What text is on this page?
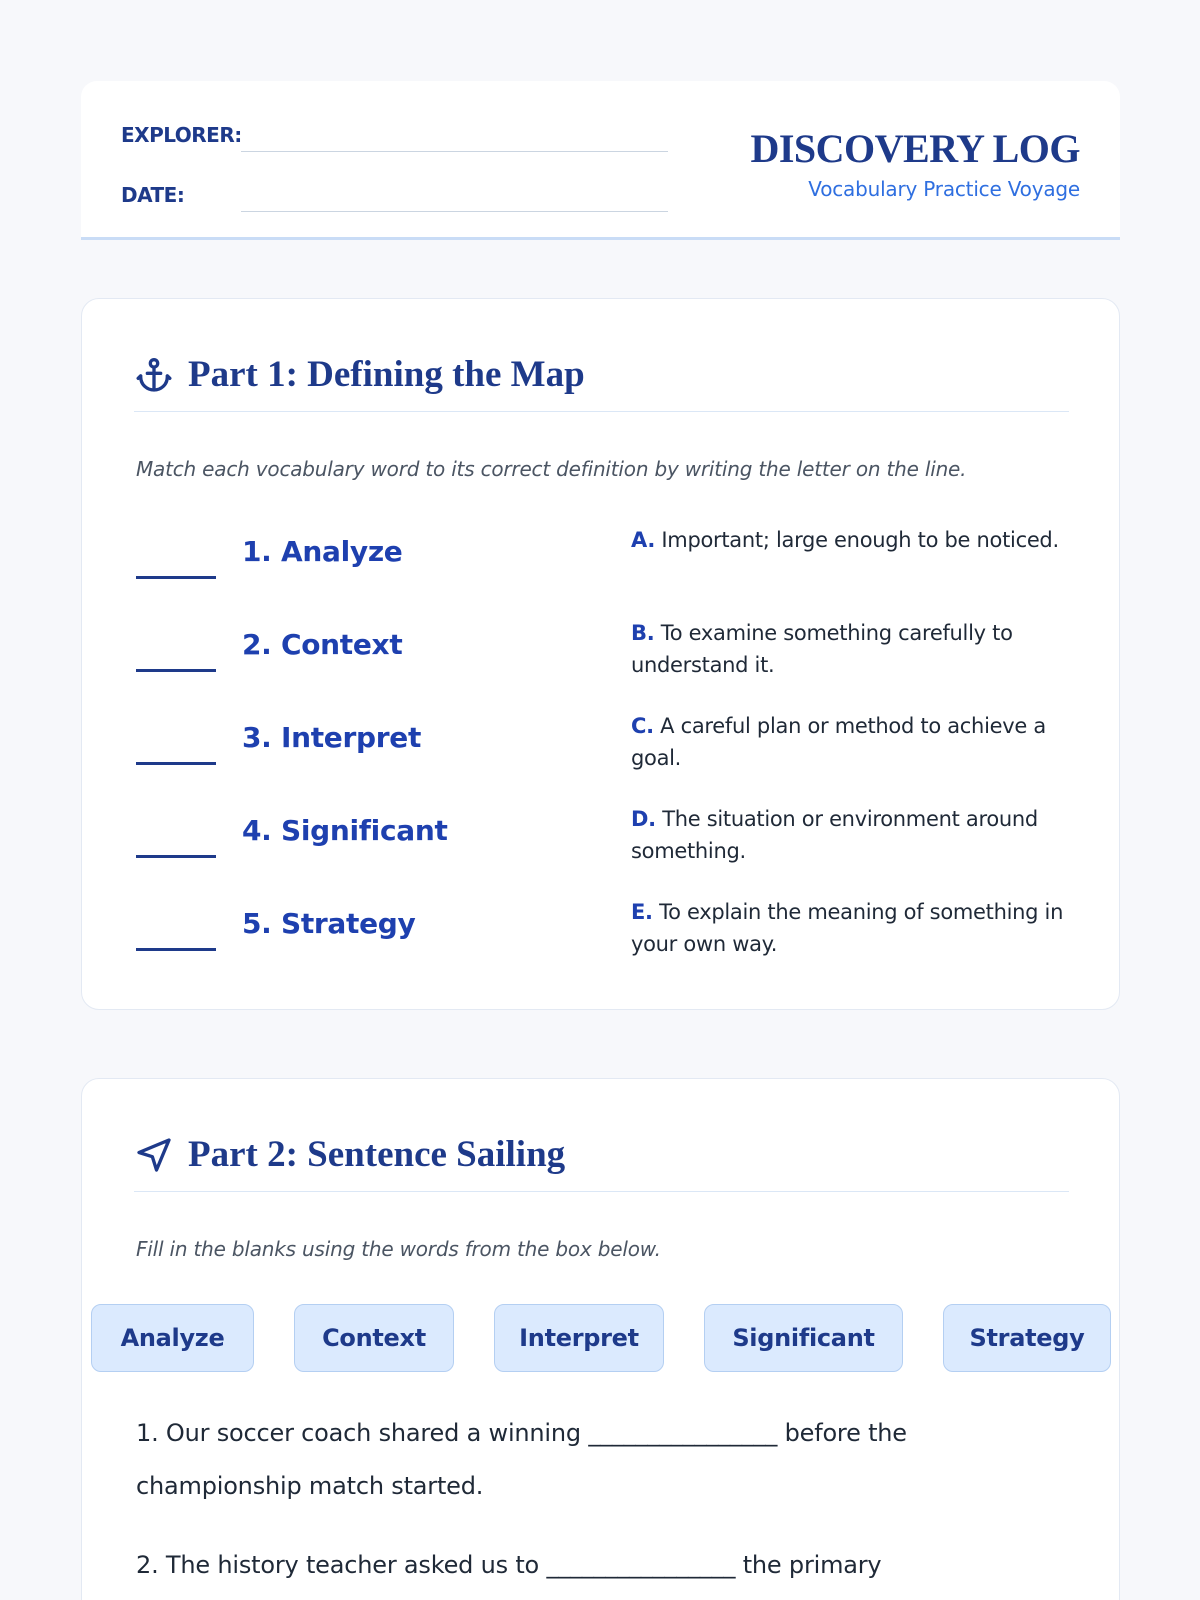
EXPLORER:
DATE:
DISCOVERY LOG
Vocabulary Practice Voyage
Part 1: Defining the Map
Match each vocabulary word to its correct definition by writing the letter on the line.
1. Analyze	A. Important; large enough to be noticed.
2. Context	B. To examine something carefully to understand it.
3. Interpret	C. A careful plan or method to achieve a goal.
4. Significant	D. The situation or environment around something.
5. Strategy	E. To explain the meaning of something in your own way.
Part 2: Sentence Sailing
Fill in the blanks using the words from the box below.
Analyze	Context	Interpret	Significant	Strategy
1. Our soccer coach shared a winning ________________ before the championship match started.
2. The history teacher asked us to ________________ the primary
